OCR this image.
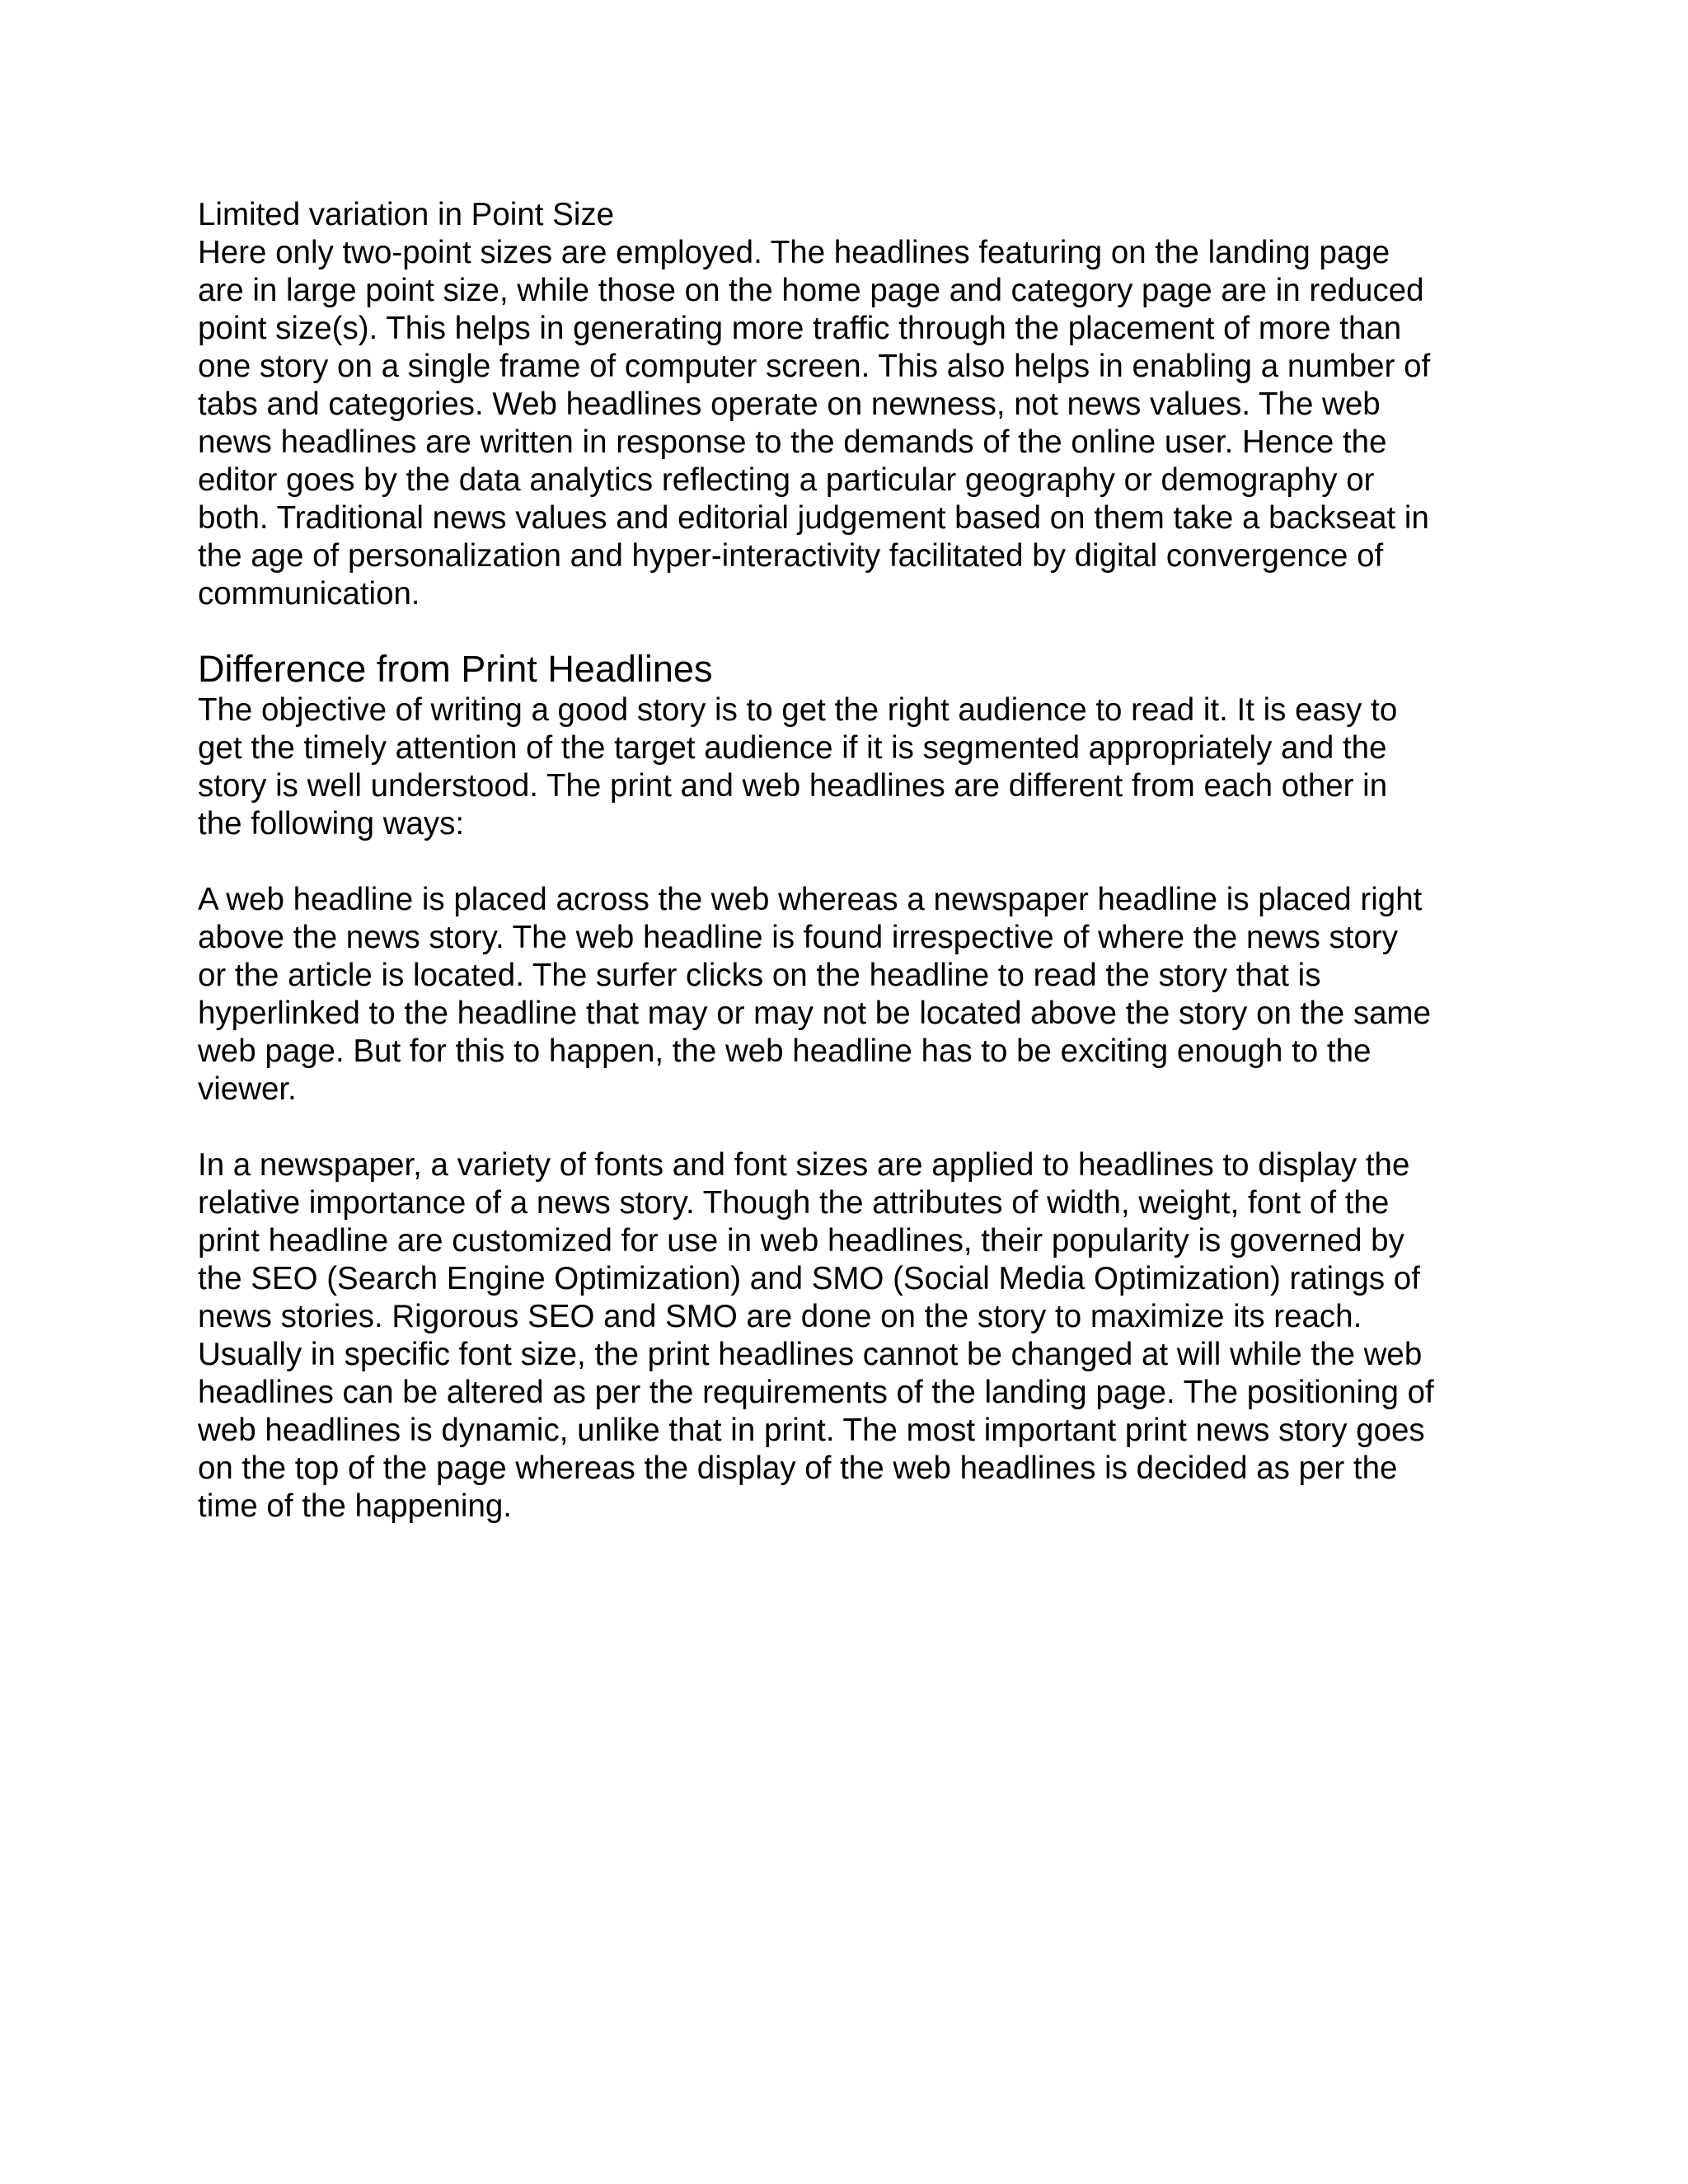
Limited variation in Point Size

Here only two-point sizes are employed. The headlines featuring on the landing page
are in large point size, while those on the home page and category page are in reduced
point size(s). This helps in generating more traffic through the placement of more than
one story on a single frame of computer screen. This also helps in enabling a number of
tabs and categories. Web headlines operate on newness, not news values. The web
news headlines are written in response to the demands of the online user. Hence the
editor goes by the data analytics reflecting a particular geography or demography or
both. Traditional news values and editorial judgement based on them take a backseat in
the age of personalization and hyper-interactivity facilitated by digital convergence of
communication.

Difference from Print Headlines

The objective of writing a good story is to get the right audience to read it. It is easy to
get the timely attention of the target audience if it is segmented appropriately and the
story is well understood. The print and web headlines are different from each other in
the following ways:

A web headline is placed across the web whereas a newspaper headline is placed right
above the news story. The web headline is found irrespective of where the news story
or the article is located. The surfer clicks on the headline to read the story that is
hyperlinked to the headline that may or may not be located above the story on the same
web page. But for this to happen, the web headline has to be exciting enough to the
viewer.

In a newspaper, a variety of fonts and font sizes are applied to headlines to display the
relative importance of a news story. Though the attributes of width, weight, font of the
print headline are customized for use in web headlines, their popularity is governed by
the SEO (Search Engine Optimization) and SMO (Social Media Optimization) ratings of
news stories. Rigorous SEO and SMO are done on the story to maximize its reach.
Usually in specific font size, the print headlines cannot be changed at will while the web
headlines can be altered as per the requirements of the landing page. The positioning of
web headlines is dynamic, unlike that in print. The most important print news story goes
on the top of the page whereas the display of the web headlines is decided as per the
time of the happening.
